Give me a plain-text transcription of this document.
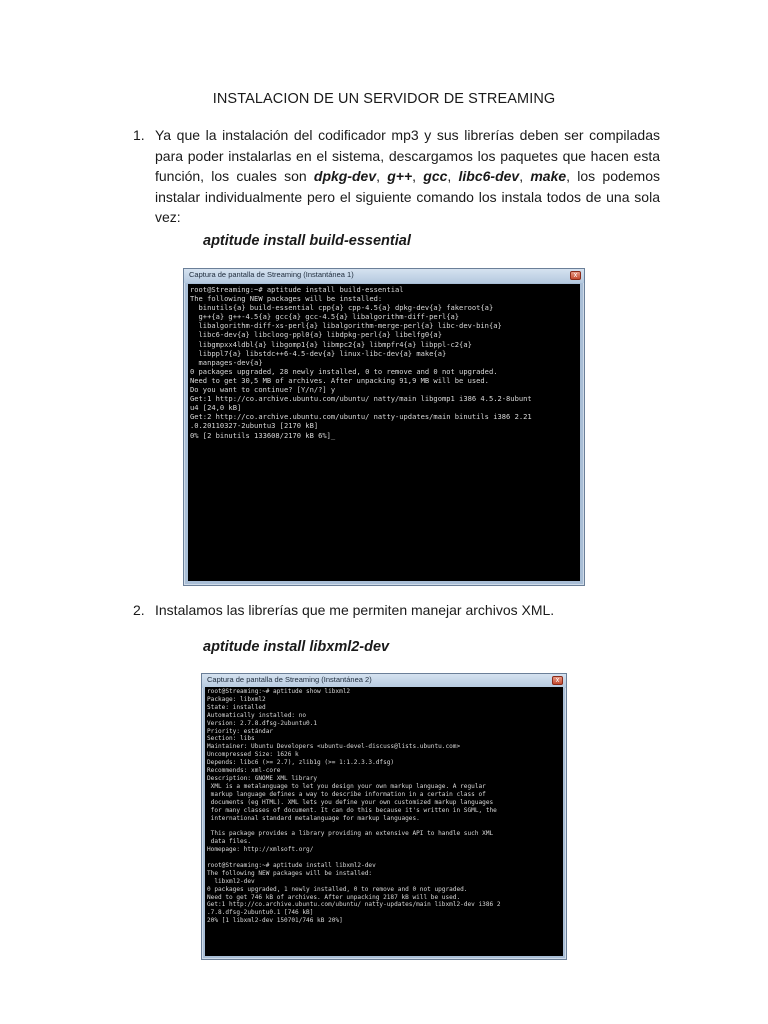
INSTALACION DE UN SERVIDOR DE STREAMING
1. Ya que la instalación del codificador mp3 y sus librerías deben ser compiladas para poder instalarlas en el sistema, descargamos los paquetes que hacen esta función, los cuales son dpkg-dev, g++, gcc, libc6-dev, make, los podemos instalar individualmente pero el siguiente comando los instala todos de una sola vez:
aptitude install build-essential
Captura de pantalla de Streaming (Instantánea 1)	x
root@Streaming:~# aptitude install build-essential
The following NEW packages will be installed:
binutils{a} build-essential cpp{a} cpp-4.5{a} dpkg-dev{a} fakeroot{a}
g++{a} g++-4.5{a} gcc{a} gcc-4.5{a} libalgorithm-diff-perl{a}
libalgorithm-diff-xs-perl{a} libalgorithm-merge-perl{a} libc-dev-bin{a}
libc6-dev{a} libcloog-ppl0{a} libdpkg-perl{a} libelfg0{a}
libgmpxx4ldbl{a} libgomp1{a} libmpc2{a} libmpfr4{a} libppl-c2{a}
libppl7{a} libstdc++6-4.5-dev{a} linux-libc-dev{a} make{a}
manpages-dev{a}
0 packages upgraded, 28 newly installed, 0 to remove and 0 not upgraded.
Need to get 30,5 MB of archives. After unpacking 91,9 MB will be used.
Do you want to continue? [Y/n/?] y
Get:1 http://co.archive.ubuntu.com/ubuntu/ natty/main libgomp1 i386 4.5.2-8ubunt
u4 [24,0 kB]
Get:2 http://co.archive.ubuntu.com/ubuntu/ natty-updates/main binutils i386 2.21
.0.20110327-2ubuntu3 [2170 kB]
0% [2 binutils 133608/2170 kB 6%]_
2. Instalamos las librerías que me permiten manejar archivos XML.
aptitude install libxml2-dev
Captura de pantalla de Streaming (Instantánea 2)	x
root@Streaming:~# aptitude show libxml2
Package: libxml2
State: installed
Automatically installed: no
Version: 2.7.8.dfsg-2ubuntu0.1
Priority: estándar
Section: libs
Maintainer: Ubuntu Developers <ubuntu-devel-discuss@lists.ubuntu.com>
Uncompressed Size: 1626 k
Depends: libc6 (>= 2.7), zlib1g (>= 1:1.2.3.3.dfsg)
Recommends: xml-core
Description: GNOME XML library
XML is a metalanguage to let you design your own markup language. A regular
markup language defines a way to describe information in a certain class of
documents (eg HTML). XML lets you define your own customized markup languages
for many classes of document. It can do this because it's written in SGML, the
international standard metalanguage for markup languages.

This package provides a library providing an extensive API to handle such XML
data files.
Homepage: http://xmlsoft.org/

root@Streaming:~# aptitude install libxml2-dev
The following NEW packages will be installed:
libxml2-dev
0 packages upgraded, 1 newly installed, 0 to remove and 0 not upgraded.
Need to get 746 kB of archives. After unpacking 2187 kB will be used.
Get:1 http://co.archive.ubuntu.com/ubuntu/ natty-updates/main libxml2-dev i386 2
.7.8.dfsg-2ubuntu0.1 [746 kB]
20% [1 libxml2-dev 150701/746 kB 20%]
